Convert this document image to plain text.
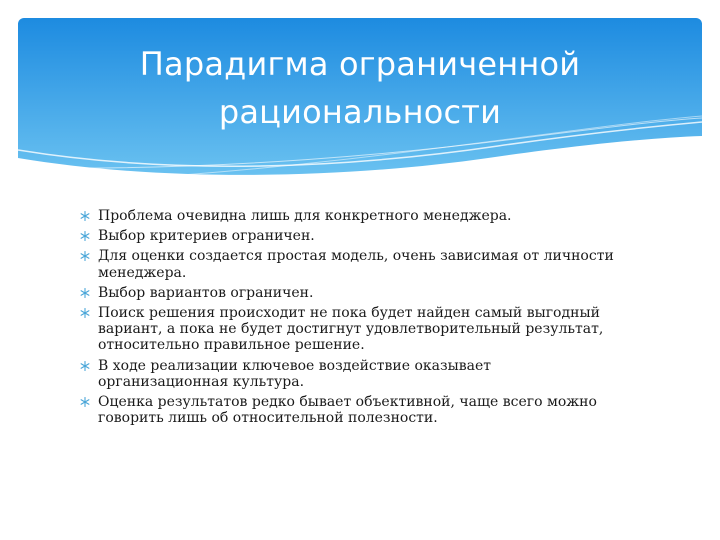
Парадигма ограниченной
рациональности
Проблема очевидна лишь для конкретного менеджера.
Выбор критериев ограничен.
Для оценки создается простая модель, очень зависимая от личности менеджера.
Выбор вариантов ограничен.
Поиск решения происходит не пока будет найден самый выгодный вариант, а пока не будет достигнут удовлетворительный результат, относительно правильное решение.
В ходе реализации ключевое воздействие оказывает организационная культура.
Оценка результатов редко бывает объективной, чаще всего можно говорить лишь об относительной полезности.
